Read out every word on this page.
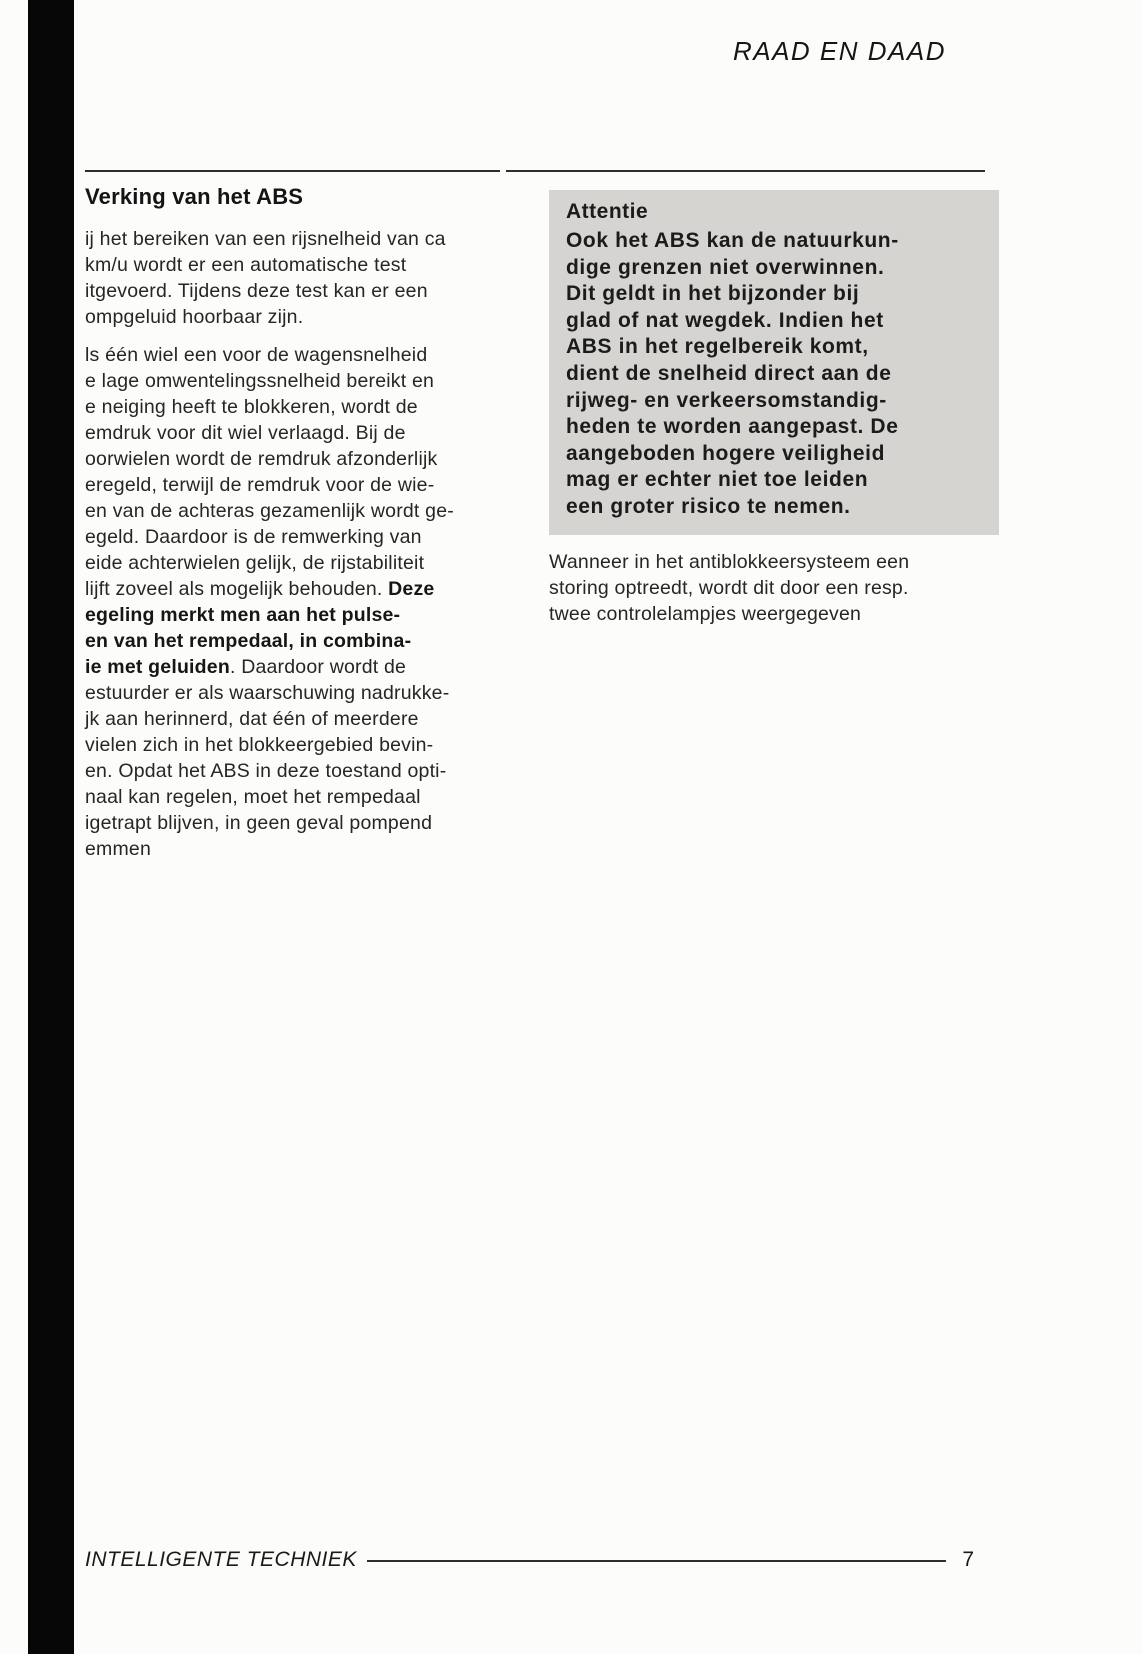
RAAD EN DAAD
Verking van het ABS
ij het bereiken van een rijsnelheid van ca
km/u wordt er een automatische test
itgevoerd. Tijdens deze test kan er een
ompgeluid hoorbaar zijn.
ls één wiel een voor de wagensnelheid
e lage omwentelingssnelheid bereikt en
e neiging heeft te blokkeren, wordt de
emdruk voor dit wiel verlaagd. Bij de
oorwielen wordt de remdruk afzonderlijk
eregeld, terwijl de remdruk voor de wie-
en van de achteras gezamenlijk wordt ge-
egeld. Daardoor is de remwerking van
eide achterwielen gelijk, de rijstabiliteit
lijft zoveel als mogelijk behouden. Deze
egeling merkt men aan het pulse-
en van het rempedaal, in combina-
ie met geluiden. Daardoor wordt de
estuurder er als waarschuwing nadrukke-
jk aan herinnerd, dat één of meerdere
vielen zich in het blokkeergebied bevin-
en. Opdat het ABS in deze toestand opti-
naal kan regelen, moet het rempedaal
igetrapt blijven, in geen geval pompend
emmen
Attentie
Ook het ABS kan de natuurkun-
dige grenzen niet overwinnen.
Dit geldt in het bijzonder bij
glad of nat wegdek. Indien het
ABS in het regelbereik komt,
dient de snelheid direct aan de
rijweg- en verkeersomstandig-
heden te worden aangepast. De
aangeboden hogere veiligheid
mag er echter niet toe leiden
een groter risico te nemen.
Wanneer in het antiblokkeersysteem een
storing optreedt, wordt dit door een resp.
twee controlelampjes weergegeven
INTELLIGENTE TECHNIEK	7
